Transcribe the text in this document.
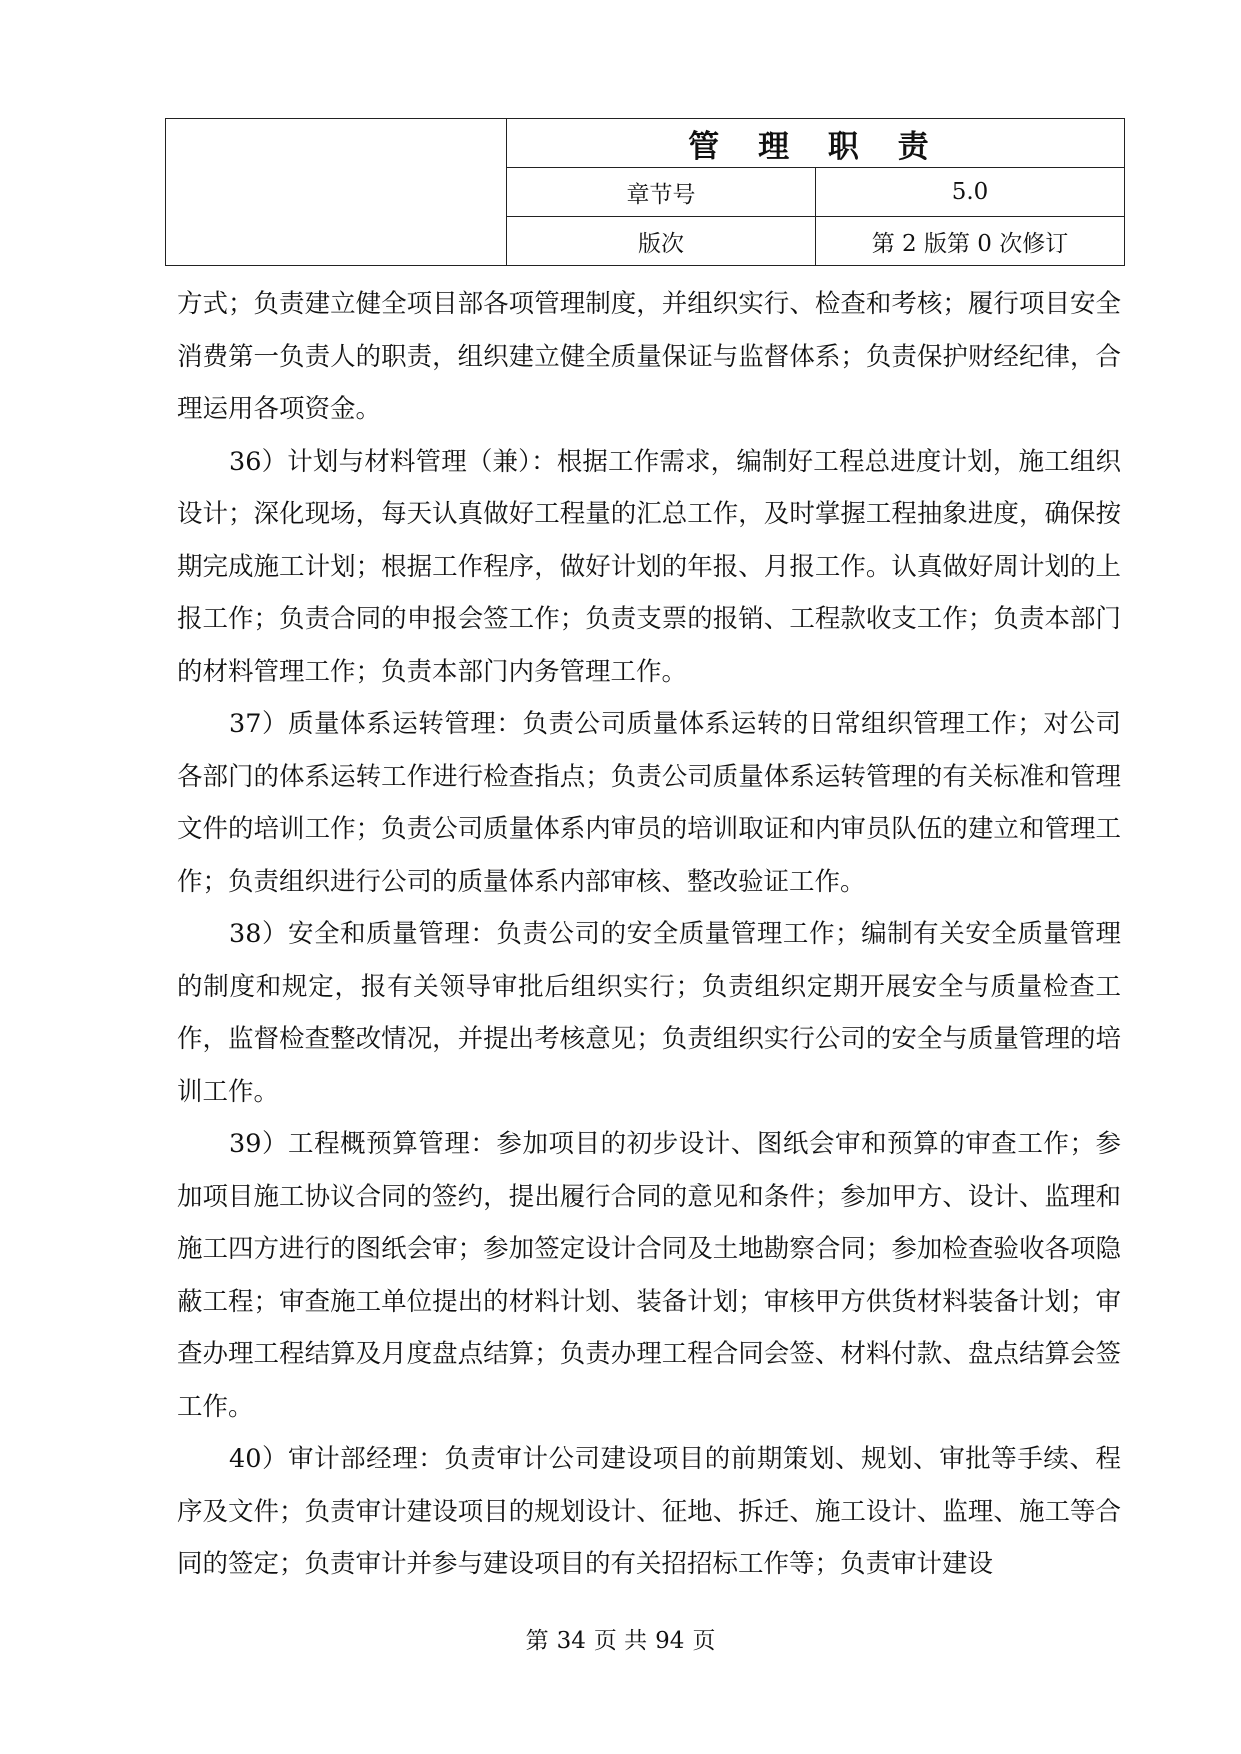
	管 理 职 责	
	章节号	5.0
	版次	第 2 版第 0 次修订

方式；负责建立健全项目部各项管理制度，并组织实行、检查和考核；履行项目安全消费第一负责人的职责，组织建立健全质量保证与监督体系；负责保护财经纪律，合理运用各项资金。

36）计划与材料管理（兼）：根据工作需求，编制好工程总进度计划，施工组织设计；深化现场，每天认真做好工程量的汇总工作，及时掌握工程抽象进度，确保按期完成施工计划；根据工作程序，做好计划的年报、月报工作。认真做好周计划的上报工作；负责合同的申报会签工作；负责支票的报销、工程款收支工作；负责本部门的材料管理工作；负责本部门内务管理工作。

37）质量体系运转管理：负责公司质量体系运转的日常组织管理工作；对公司各部门的体系运转工作进行检查指点；负责公司质量体系运转管理的有关标准和管理文件的培训工作；负责公司质量体系内审员的培训取证和内审员队伍的建立和管理工作；负责组织进行公司的质量体系内部审核、整改验证工作。

38）安全和质量管理：负责公司的安全质量管理工作；编制有关安全质量管理的制度和规定，报有关领导审批后组织实行；负责组织定期开展安全与质量检查工作，监督检查整改情况，并提出考核意见；负责组织实行公司的安全与质量管理的培训工作。

39）工程概预算管理：参加项目的初步设计、图纸会审和预算的审查工作；参加项目施工协议合同的签约，提出履行合同的意见和条件；参加甲方、设计、监理和施工四方进行的图纸会审；参加签定设计合同及土地勘察合同；参加检查验收各项隐蔽工程；审查施工单位提出的材料计划、装备计划；审核甲方供货材料装备计划；审查办理工程结算及月度盘点结算；负责办理工程合同会签、材料付款、盘点结算会签工作。

40）审计部经理：负责审计公司建设项目的前期策划、规划、审批等手续、程序及文件；负责审计建设项目的规划设计、征地、拆迁、施工设计、监理、施工等合同的签定；负责审计并参与建设项目的有关招招标工作等；负责审计建设

第 34 页 共 94 页
